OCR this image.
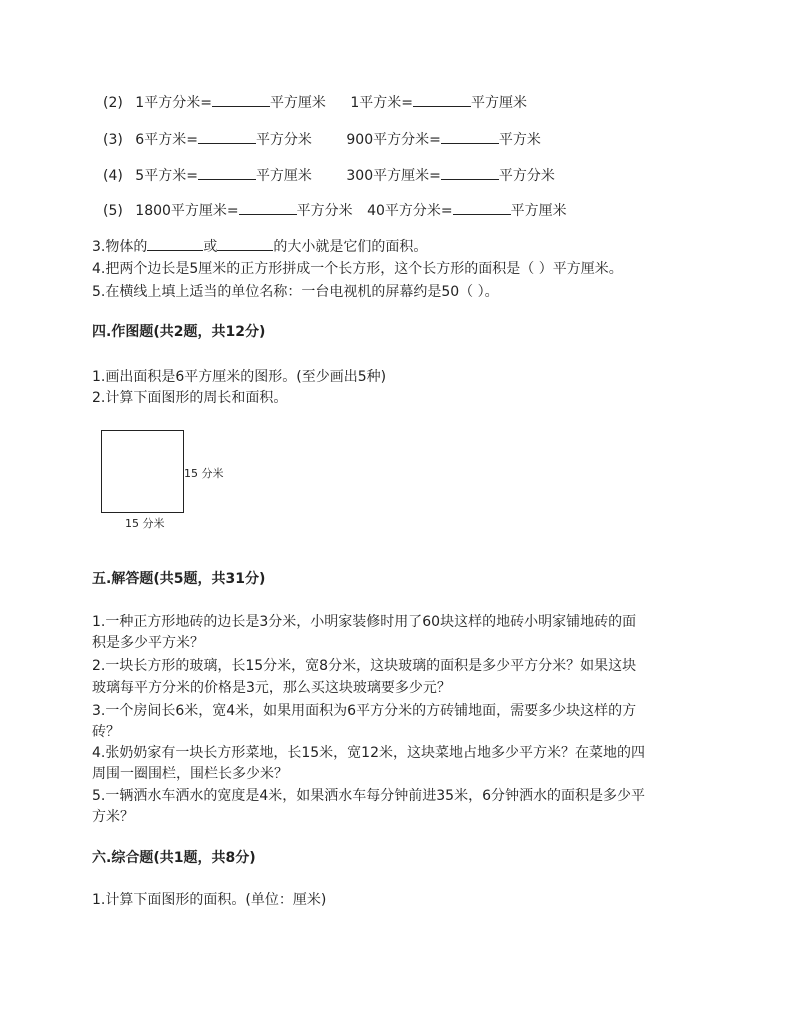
(2) 1平方分米=	平方厘米 1平方米=	平方厘米
(3) 6平方米=	平方分米 900平方分米=	平方米
(4) 5平方米=	平方厘米 300平方厘米=	平方分米
(5) 1800平方厘米=	平方分米 40平方分米=	平方厘米
3.物体的	或	的大小就是它们的面积。
4.把两个边长是5厘米的正方形拼成一个长方形，这个长方形的面积是（ ）平方厘米。
5.在横线上填上适当的单位名称：一台电视机的屏幕约是50（ ）。
四.作图题(共2题，共12分)
1.画出面积是6平方厘米的图形。(至少画出5种)
2.计算下面图形的周长和面积。
15 分米
15 分米
五.解答题(共5题，共31分)
1.一种正方形地砖的边长是3分米，小明家装修时用了60块这样的地砖小明家铺地砖的面
积是多少平方米？
2.一块长方形的玻璃，长15分米，宽8分米，这块玻璃的面积是多少平方分米？如果这块
玻璃每平方分米的价格是3元，那么买这块玻璃要多少元？
3.一个房间长6米，宽4米，如果用面积为6平方分米的方砖铺地面，需要多少块这样的方
砖？
4.张奶奶家有一块长方形菜地，长15米，宽12米，这块菜地占地多少平方米？在菜地的四
周围一圈围栏，围栏长多少米？
5.一辆洒水车洒水的宽度是4米，如果洒水车每分钟前进35米，6分钟洒水的面积是多少平
方米？
六.综合题(共1题，共8分)
1.计算下面图形的面积。(单位：厘米)
